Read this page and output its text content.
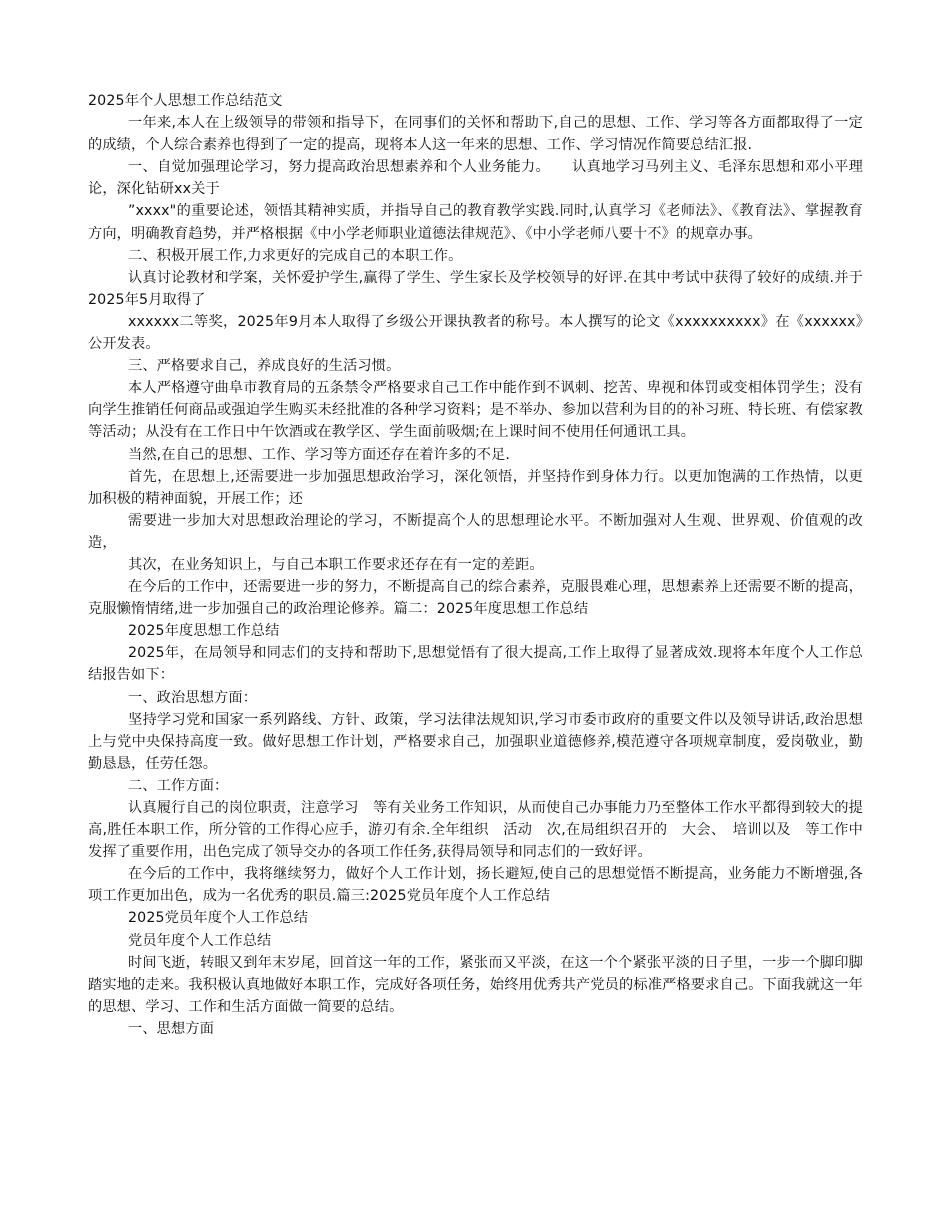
2025年个人思想工作总结范文

一年来,本人在上级领导的带领和指导下，在同事们的关怀和帮助下,自己的思想、工作、学习等各方面都取得了一定的成绩，个人综合素养也得到了一定的提高，现将本人这一年来的思想、工作、学习情况作简要总结汇报.

一、自觉加强理论学习，努力提高政治思想素养和个人业务能力。　　认真地学习马列主义、毛泽东思想和邓小平理论，深化钻研xx关于

”xxxx"的重要论述，领悟其精神实质，并指导自己的教育教学实践.同时,认真学习《老师法》、《教育法》、掌握教育方向，明确教育趋势，并严格根据《中小学老师职业道德法律规范》、《中小学老师八要十不》的规章办事。

二、积极开展工作,力求更好的完成自己的本职工作。

认真讨论教材和学案，关怀爱护学生,赢得了学生、学生家长及学校领导的好评.在其中考试中获得了较好的成绩.并于2025年5月取得了

xxxxxx二等奖，2025年9月本人取得了乡级公开课执教者的称号。本人撰写的论文《xxxxxxxxxx》在《xxxxxx》公开发表。

三、严格要求自己，养成良好的生活习惯。

本人严格遵守曲阜市教育局的五条禁令严格要求自己工作中能作到不讽刺、挖苦、卑视和体罚或变相体罚学生；没有向学生推销任何商品或强迫学生购买未经批准的各种学习资料；是不举办、参加以营利为目的的补习班、特长班、有偿家教等活动；从没有在工作日中午饮酒或在教学区、学生面前吸烟;在上课时间不使用任何通讯工具。

当然,在自己的思想、工作、学习等方面还存在着许多的不足.

首先，在思想上,还需要进一步加强思想政治学习，深化领悟，并坚持作到身体力行。以更加饱满的工作热情，以更加积极的精神面貌，开展工作；还

需要进一步加大对思想政治理论的学习，不断提高个人的思想理论水平。不断加强对人生观、世界观、价值观的改造，

其次，在业务知识上，与自己本职工作要求还存在有一定的差距。

在今后的工作中，还需要进一步的努力，不断提高自己的综合素养，克服畏难心理，思想素养上还需要不断的提高，克服懒惰情绪,进一步加强自己的政治理论修养。篇二：2025年度思想工作总结

2025年度思想工作总结

2025年，在局领导和同志们的支持和帮助下,思想觉悟有了很大提高,工作上取得了显著成效.现将本年度个人工作总结报告如下：

一、政治思想方面：

坚持学习党和国家一系列路线、方针、政策，学习法律法规知识,学习市委市政府的重要文件以及领导讲话,政治思想上与党中央保持高度一致。做好思想工作计划，严格要求自己，加强职业道德修养,模范遵守各项规章制度，爱岗敬业，勤勤恳恳，任劳任怨。

二、工作方面：

认真履行自己的岗位职责，注意学习　等有关业务工作知识，从而使自己办事能力乃至整体工作水平都得到较大的提高,胜任本职工作，所分管的工作得心应手，游刃有余.全年组织　活动　次,在局组织召开的　大会、　培训以及　等工作中发挥了重要作用，出色完成了领导交办的各项工作任务,获得局领导和同志们的一致好评。

在今后的工作中，我将继续努力，做好个人工作计划，扬长避短,使自己的思想觉悟不断提高，业务能力不断增强,各项工作更加出色，成为一名优秀的职员.篇三:2025党员年度个人工作总结

2025党员年度个人工作总结

党员年度个人工作总结

时间飞逝，转眼又到年末岁尾，回首这一年的工作，紧张而又平淡，在这一个个紧张平淡的日子里，一步一个脚印脚踏实地的走来。我积极认真地做好本职工作，完成好各项任务，始终用优秀共产党员的标准严格要求自己。下面我就这一年的思想、学习、工作和生活方面做一简要的总结。

一、思想方面
